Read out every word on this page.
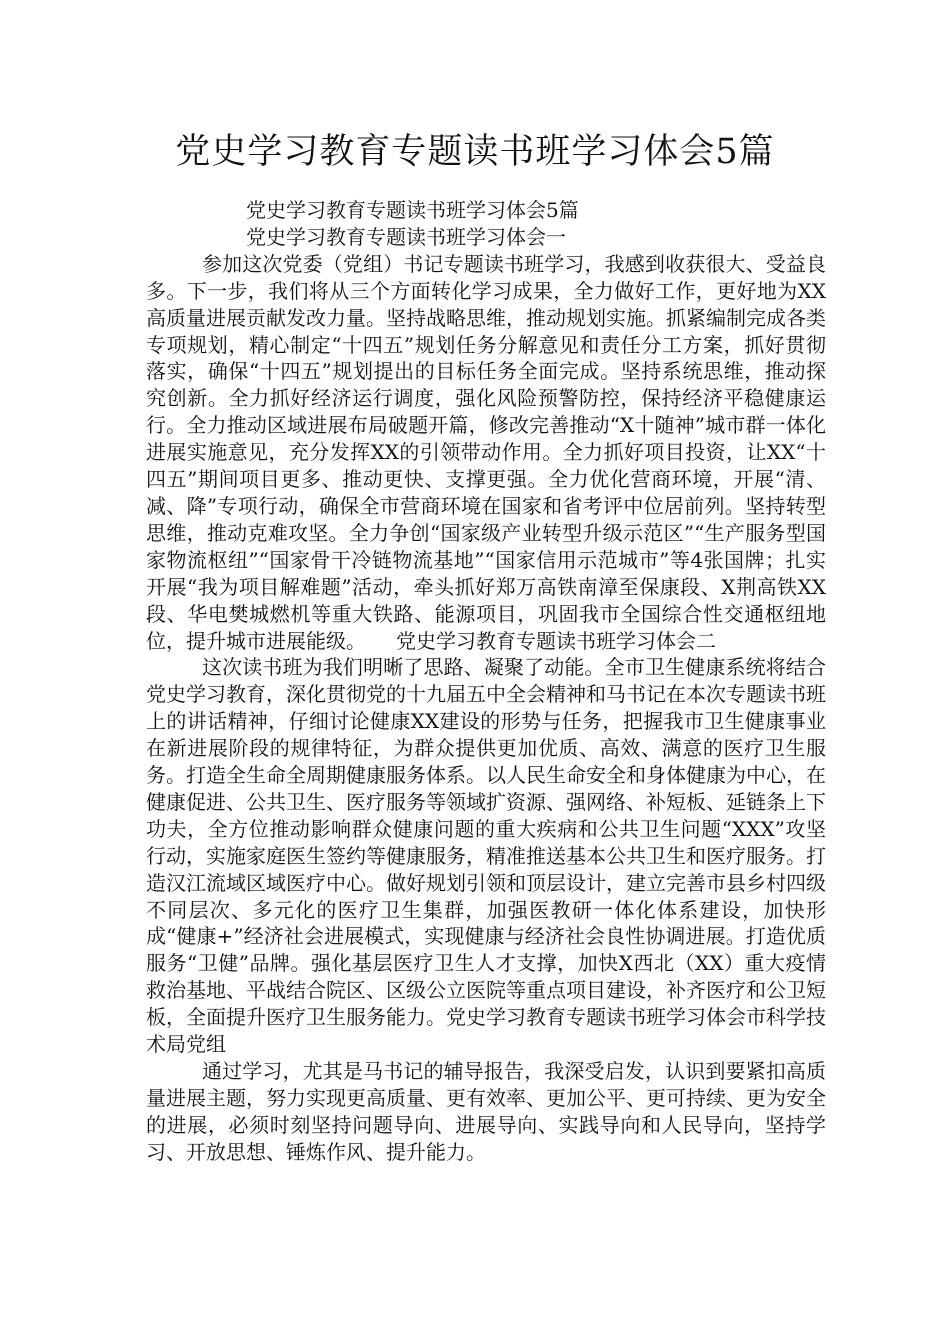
党史学习教育专题读书班学习体会5篇

党史学习教育专题读书班学习体会5篇

党史学习教育专题读书班学习体会一

参加这次党委（党组）书记专题读书班学习，我感到收获很大、受益良多。下一步，我们将从三个方面转化学习成果，全力做好工作，更好地为XX高质量进展贡献发改力量。坚持战略思维，推动规划实施。抓紧编制完成各类专项规划，精心制定“十四五”规划任务分解意见和责任分工方案，抓好贯彻落实，确保“十四五”规划提出的目标任务全面完成。坚持系统思维，推动探究创新。全力抓好经济运行调度，强化风险预警防控，保持经济平稳健康运行。全力推动区域进展布局破题开篇，修改完善推动“X十随神”城市群一体化进展实施意见，充分发挥XX的引领带动作用。全力抓好项目投资，让XX“十四五”期间项目更多、推动更快、支撑更强。全力优化营商环境，开展“清、减、降”专项行动，确保全市营商环境在国家和省考评中位居前列。坚持转型思维，推动克难攻坚。全力争创“国家级产业转型升级示范区”“生产服务型国家物流枢纽”“国家骨干冷链物流基地”“国家信用示范城市”等4张国牌；扎实开展“我为项目解难题”活动，牵头抓好郑万高铁南漳至保康段、X荆高铁XX段、华电樊城燃机等重大铁路、能源项目，巩固我市全国综合性交通枢纽地位，提升城市进展能级。　　党史学习教育专题读书班学习体会二

这次读书班为我们明晰了思路、凝聚了动能。全市卫生健康系统将结合党史学习教育，深化贯彻党的十九届五中全会精神和马书记在本次专题读书班上的讲话精神，仔细讨论健康XX建设的形势与任务，把握我市卫生健康事业在新进展阶段的规律特征，为群众提供更加优质、高效、满意的医疗卫生服务。打造全生命全周期健康服务体系。以人民生命安全和身体健康为中心，在健康促进、公共卫生、医疗服务等领域扩资源、强网络、补短板、延链条上下功夫，全方位推动影响群众健康问题的重大疾病和公共卫生问题“XXX”攻坚行动，实施家庭医生签约等健康服务，精准推送基本公共卫生和医疗服务。打造汉江流域区域医疗中心。做好规划引领和顶层设计，建立完善市县乡村四级不同层次、多元化的医疗卫生集群，加强医教研一体化体系建设，加快形成“健康+”经济社会进展模式，实现健康与经济社会良性协调进展。打造优质服务“卫健”品牌。强化基层医疗卫生人才支撑，加快X西北（XX）重大疫情救治基地、平战结合院区、区级公立医院等重点项目建设，补齐医疗和公卫短板，全面提升医疗卫生服务能力。党史学习教育专题读书班学习体会市科学技术局党组

通过学习，尤其是马书记的辅导报告，我深受启发，认识到要紧扣高质量进展主题，努力实现更高质量、更有效率、更加公平、更可持续、更为安全的进展，必须时刻坚持问题导向、进展导向、实践导向和人民导向，坚持学习、开放思想、锤炼作风、提升能力。
